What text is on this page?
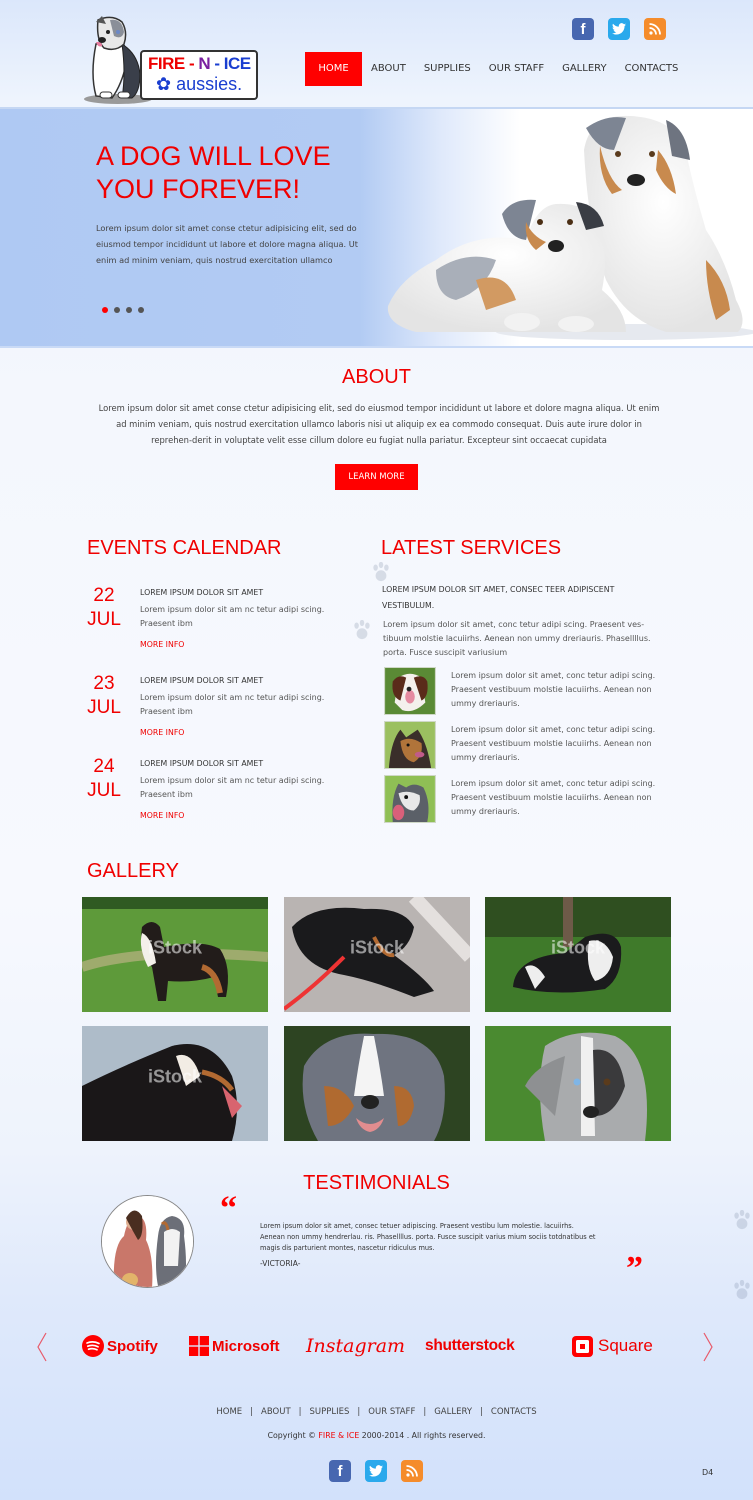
FIRE - N - ICE
✿ aussies.
f
HOME	ABOUT	SUPPLIES	OUR STAFF	GALLERY	CONTACTS
A DOG WILL LOVE YOU FOREVER!
Lorem ipsum dolor sit amet conse ctetur adipisicing elit, sed do eiusmod tempor incididunt ut labore et dolore magna aliqua. Ut enim ad minim veniam, quis nostrud exercitation ullamco
ABOUT
Lorem ipsum dolor sit amet conse ctetur adipisicing elit, sed do eiusmod tempor incididunt ut labore et dolore magna aliqua. Ut enim ad minim veniam, quis nostrud exercitation ullamco laboris nisi ut aliquip ex ea commodo consequat. Duis aute irure dolor in reprehen-derit in voluptate velit esse cillum dolore eu fugiat nulla pariatur. Excepteur sint occaecat cupidata
LEARN MORE
EVENTS CALENDAR
22
JUL
LOREM IPSUM DOLOR SIT AMET
Lorem ipsum dolor sit am nc tetur adipi scing. Praesent ibm
MORE INFO
23
JUL
LOREM IPSUM DOLOR SIT AMET
Lorem ipsum dolor sit am nc tetur adipi scing. Praesent ibm
MORE INFO
24
JUL
LOREM IPSUM DOLOR SIT AMET
Lorem ipsum dolor sit am nc tetur adipi scing. Praesent ibm
MORE INFO
LATEST SERVICES
LOREM IPSUM DOLOR SIT AMET, CONSEC TEER ADIPISCENT VESTIBULUM.
Lorem ipsum dolor sit amet, conc tetur adipi scing. Praesent ves-tibuum molstie lacuiirhs. Aenean non ummy dreriauris. Phasellllus. porta. Fusce suscipit variusium
Lorem ipsum dolor sit amet, conc tetur adipi scing. Praesent vestibuum molstie lacuiirhs. Aenean non ummy dreriauris.
Lorem ipsum dolor sit amet, conc tetur adipi scing. Praesent vestibuum molstie lacuiirhs. Aenean non ummy dreriauris.
Lorem ipsum dolor sit amet, conc tetur adipi scing. Praesent vestibuum molstie lacuiirhs. Aenean non ummy dreriauris.
GALLERY
iStock	iStock	iStock
iStock
TESTIMONIALS
“	Lorem ipsum dolor sit amet, consec tetuer adipiscing. Praesent vestibu lum molestie. lacuiirhs. Aenean non ummy hendrerlau. ris. Phasellllus. porta. Fusce suscipit varius mium sociis totdnatibus et magis dis parturient montes, nascetur ridiculus mus.
-VICTORIA-	”
Spotify	Microsoft Instagram shutterstock	Square
HOME | ABOUT | SUPPLIES | OUR STAFF | GALLERY | CONTACTS
Copyright © FIRE & ICE 2000-2014 . All rights reserved.
f	D4
